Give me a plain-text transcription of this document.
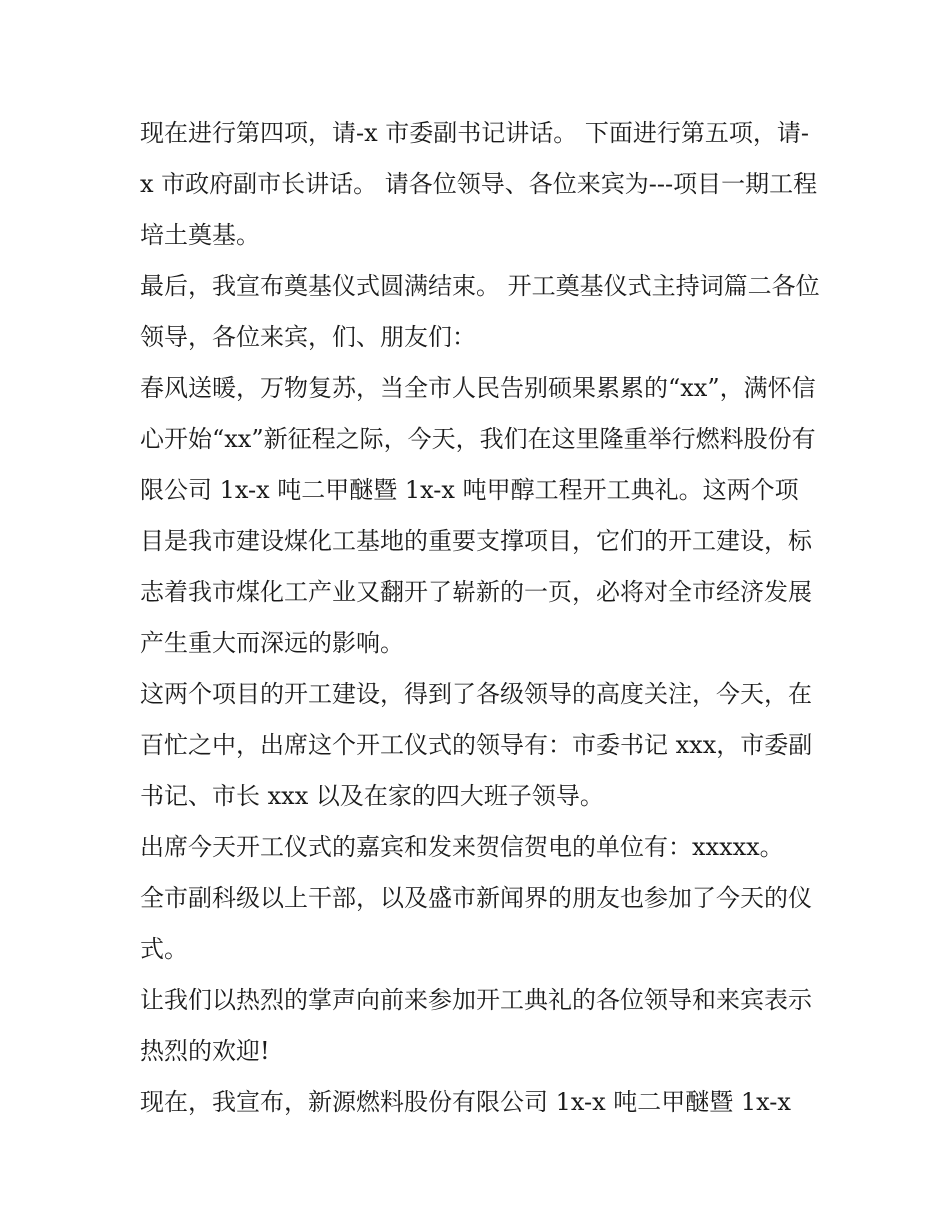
现在进行第四项，请-x 市委副书记讲话。 下面进行第五项，请-x 市政府副市长讲话。 请各位领导、各位来宾为---项目一期工程培土奠基。

最后，我宣布奠基仪式圆满结束。 开工奠基仪式主持词篇二各位领导，各位来宾，们、朋友们：

春风送暖，万物复苏，当全市人民告别硕果累累的“xx”，满怀信心开始“xx”新征程之际，今天，我们在这里隆重举行燃料股份有限公司 1x-x 吨二甲醚暨 1x-x 吨甲醇工程开工典礼。这两个项目是我市建设煤化工基地的重要支撑项目，它们的开工建设，标志着我市煤化工产业又翻开了崭新的一页，必将对全市经济发展产生重大而深远的影响。

这两个项目的开工建设，得到了各级领导的高度关注，今天，在百忙之中，出席这个开工仪式的领导有：市委书记 xxx，市委副书记、市长 xxx 以及在家的四大班子领导。

出席今天开工仪式的嘉宾和发来贺信贺电的单位有：xxxxx。

全市副科级以上干部，以及盛市新闻界的朋友也参加了今天的仪式。

让我们以热烈的掌声向前来参加开工典礼的各位领导和来宾表示热烈的欢迎!

现在，我宣布，新源燃料股份有限公司 1x-x 吨二甲醚暨 1x-x
